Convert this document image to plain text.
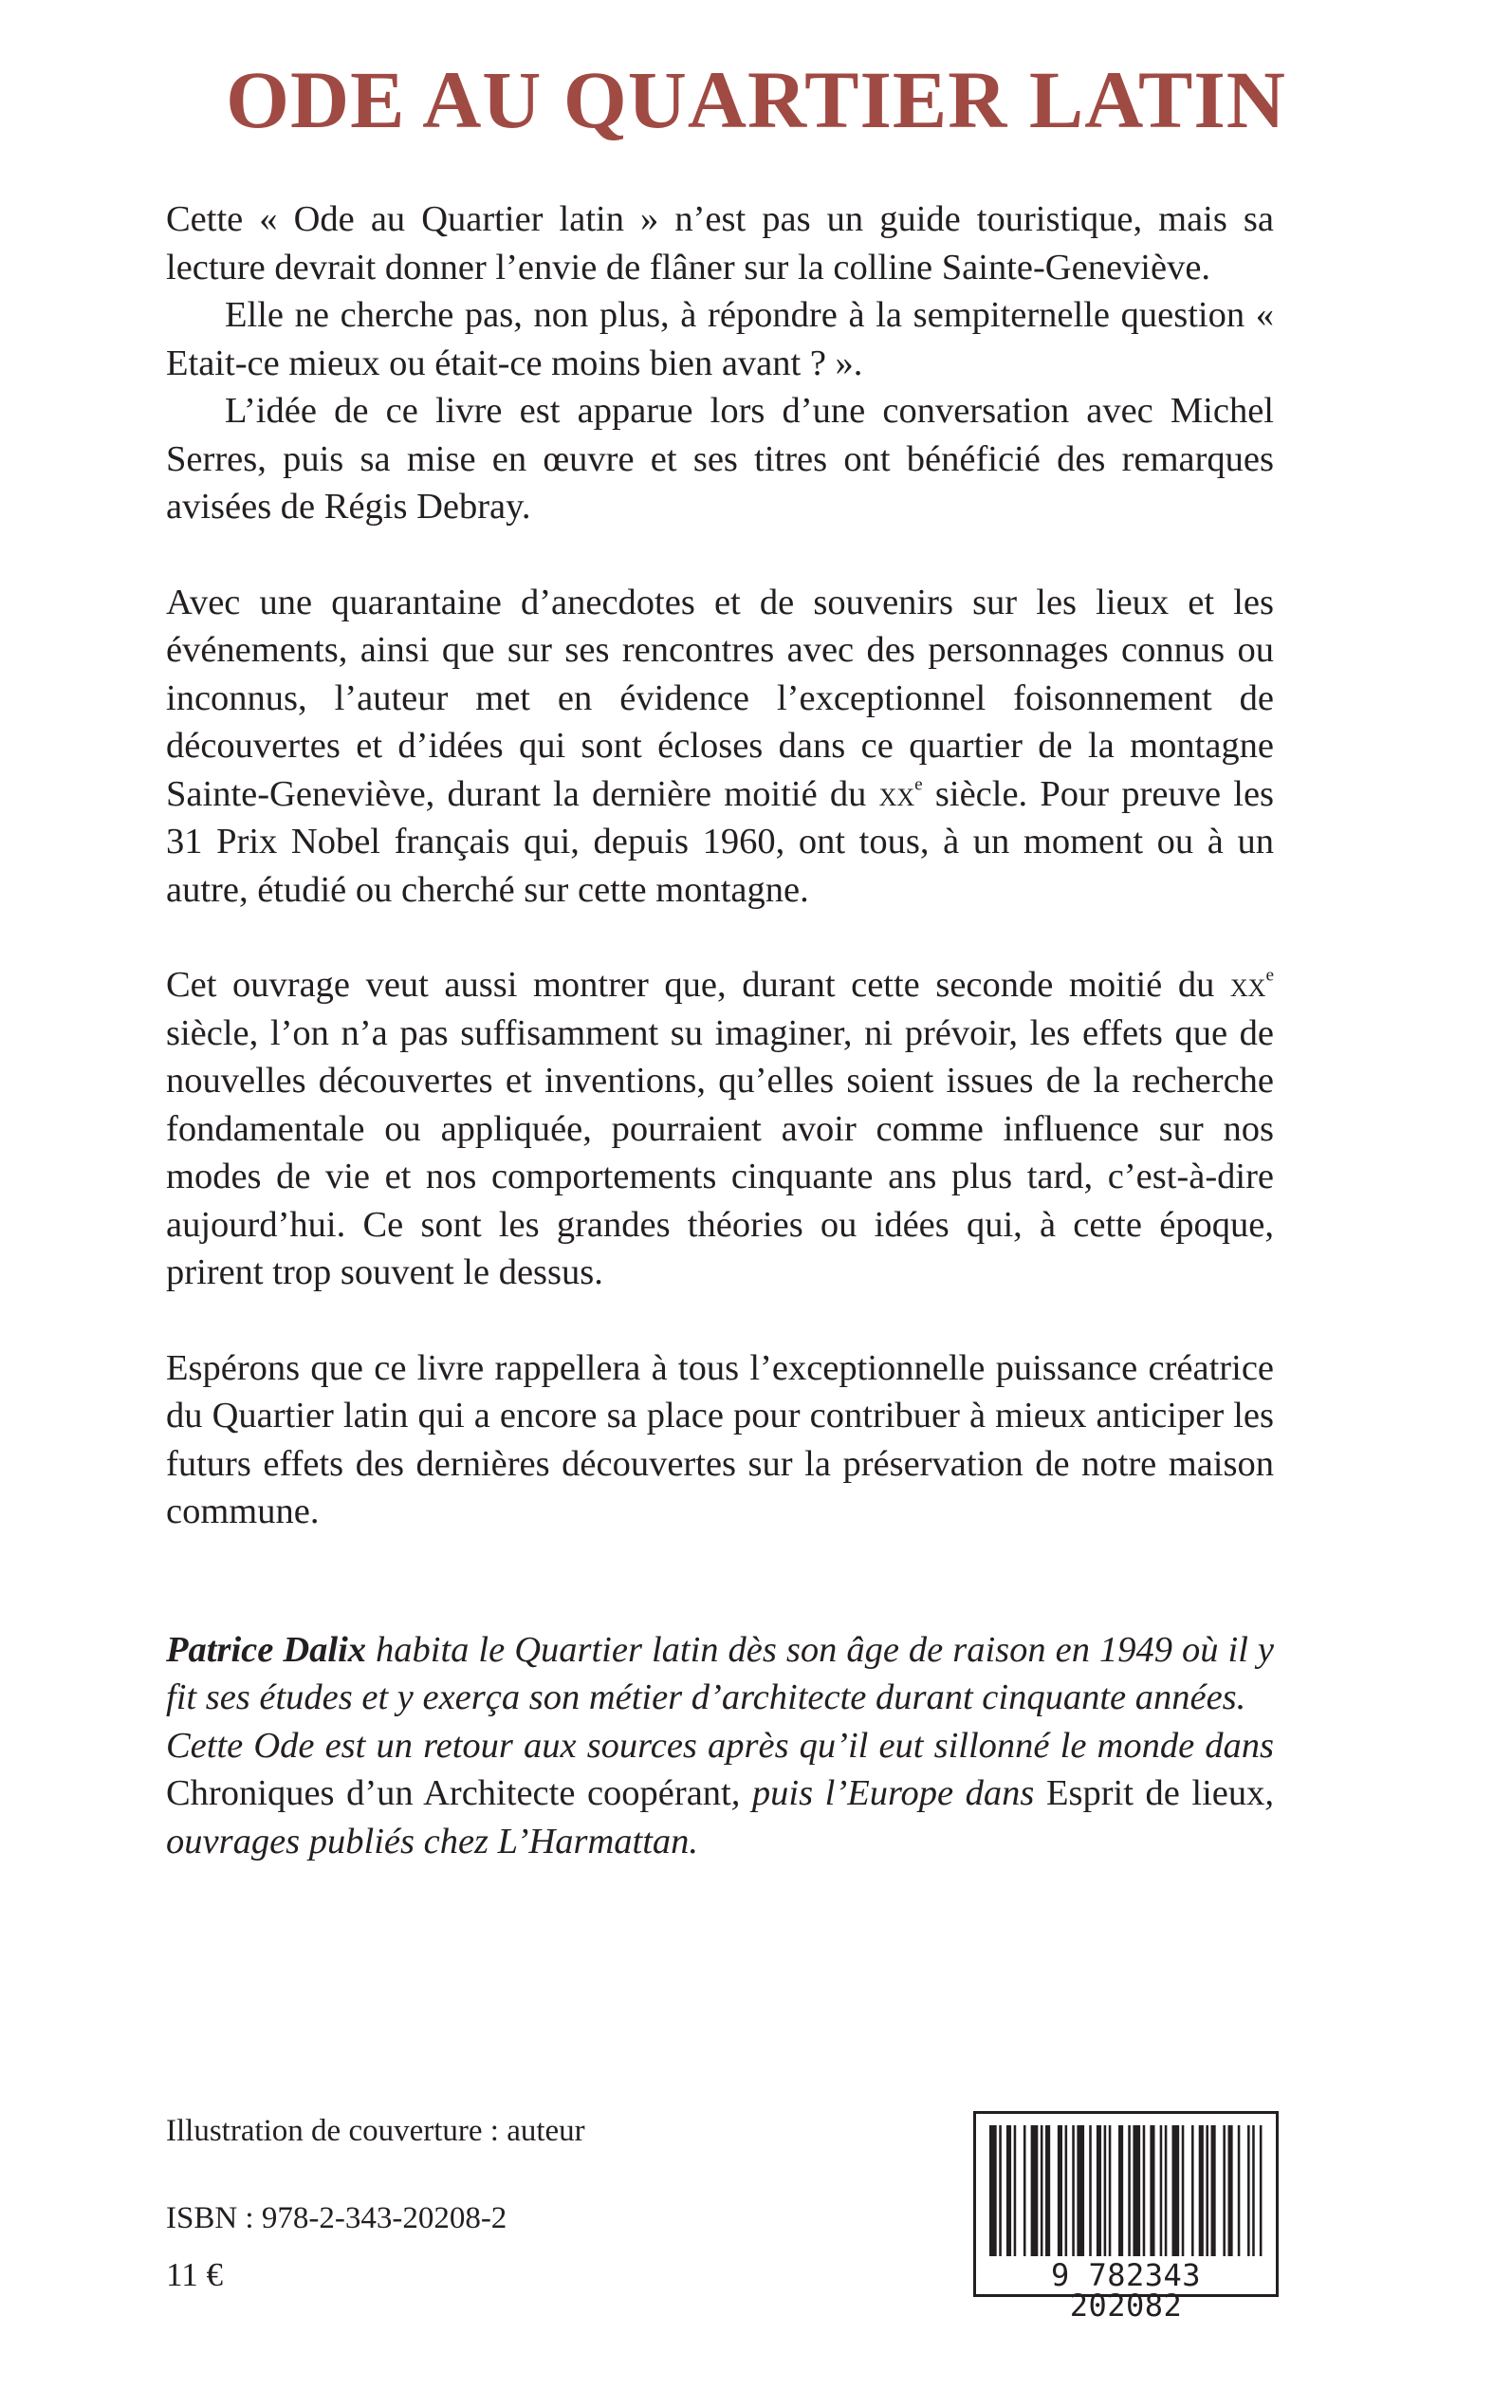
ODE AU QUARTIER LATIN

Cette « Ode au Quartier latin » n’est pas un guide touristique, mais sa lecture devrait donner l’envie de flâner sur la colline Sainte-Geneviève.

Elle ne cherche pas, non plus, à répondre à la sempiternelle question « Etait-ce mieux ou était-ce moins bien avant ? ».

L’idée de ce livre est apparue lors d’une conversation avec Michel Serres, puis sa mise en œuvre et ses titres ont bénéficié des remarques avisées de Régis Debray.

Avec une quarantaine d’anecdotes et de souvenirs sur les lieux et les événements, ainsi que sur ses rencontres avec des personnages connus ou inconnus, l’auteur met en évidence l’exceptionnel foisonnement de découvertes et d’idées qui sont écloses dans ce quartier de la montagne Sainte-Geneviève, durant la dernière moitié du $xx^e$ siècle. Pour preuve les 31 Prix Nobel français qui, depuis 1960, ont tous, à un moment ou à un autre, étudié ou cherché sur cette montagne.

Cet ouvrage veut aussi montrer que, durant cette seconde moitié du $xx^e$ siècle, l’on n’a pas suffisamment su imaginer, ni prévoir, les effets que de nouvelles découvertes et inventions, qu’elles soient issues de la recherche fondamentale ou appliquée, pourraient avoir comme influence sur nos modes de vie et nos comportements cinquante ans plus tard, c’est-à-dire aujourd’hui. Ce sont les grandes théories ou idées qui, à cette époque, prirent trop souvent le dessus.

Espérons que ce livre rappellera à tous l’exceptionnelle puissance créatrice du Quartier latin qui a encore sa place pour contribuer à mieux anticiper les futurs effets des dernières découvertes sur la préservation de notre maison commune.

Patrice Dalix habita le Quartier latin dès son âge de raison en 1949 où il y fit ses études et y exerça son métier d’architecte durant cinquante années.

Cette Ode est un retour aux sources après qu’il eut sillonné le monde dans Chroniques d’un Architecte coopérant, puis l’Europe dans Esprit de lieux, ouvrages publiés chez L’Harmattan.

Illustration de couverture : auteur

ISBN : 978-2-343-20208-2

11 €	9 782343 202082
